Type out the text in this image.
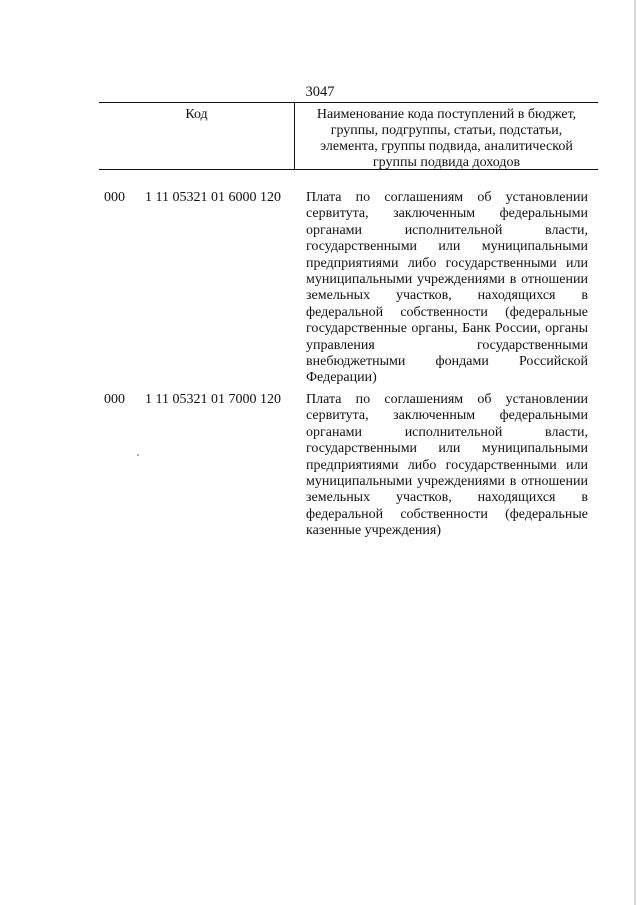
3047
Код	Наименование кода поступлений в бюджет, группы, подгруппы, статьи, подстатьи, элемента, группы подвида, аналитической группы подвида доходов
000 1 11 05321 01 6000 120 Плата по соглашениям об установлении сервитута, заключенным федеральными органами исполнительной власти, государственными или муниципальными предприятиями либо государственными или муниципальными учреждениями в отношении земельных участков, находящихся в федеральной собственности (федеральные государственные органы, Банк России, органы управления государственными внебюджетными фондами Российской Федерации)
000 1 11 05321 01 7000 120 Плата по соглашениям об установлении сервитута, заключенным федеральными органами исполнительной власти, государственными или муниципальными предприятиями либо государственными или муниципальными учреждениями в отношении земельных участков, находящихся в федеральной собственности (федеральные казенные учреждения)
